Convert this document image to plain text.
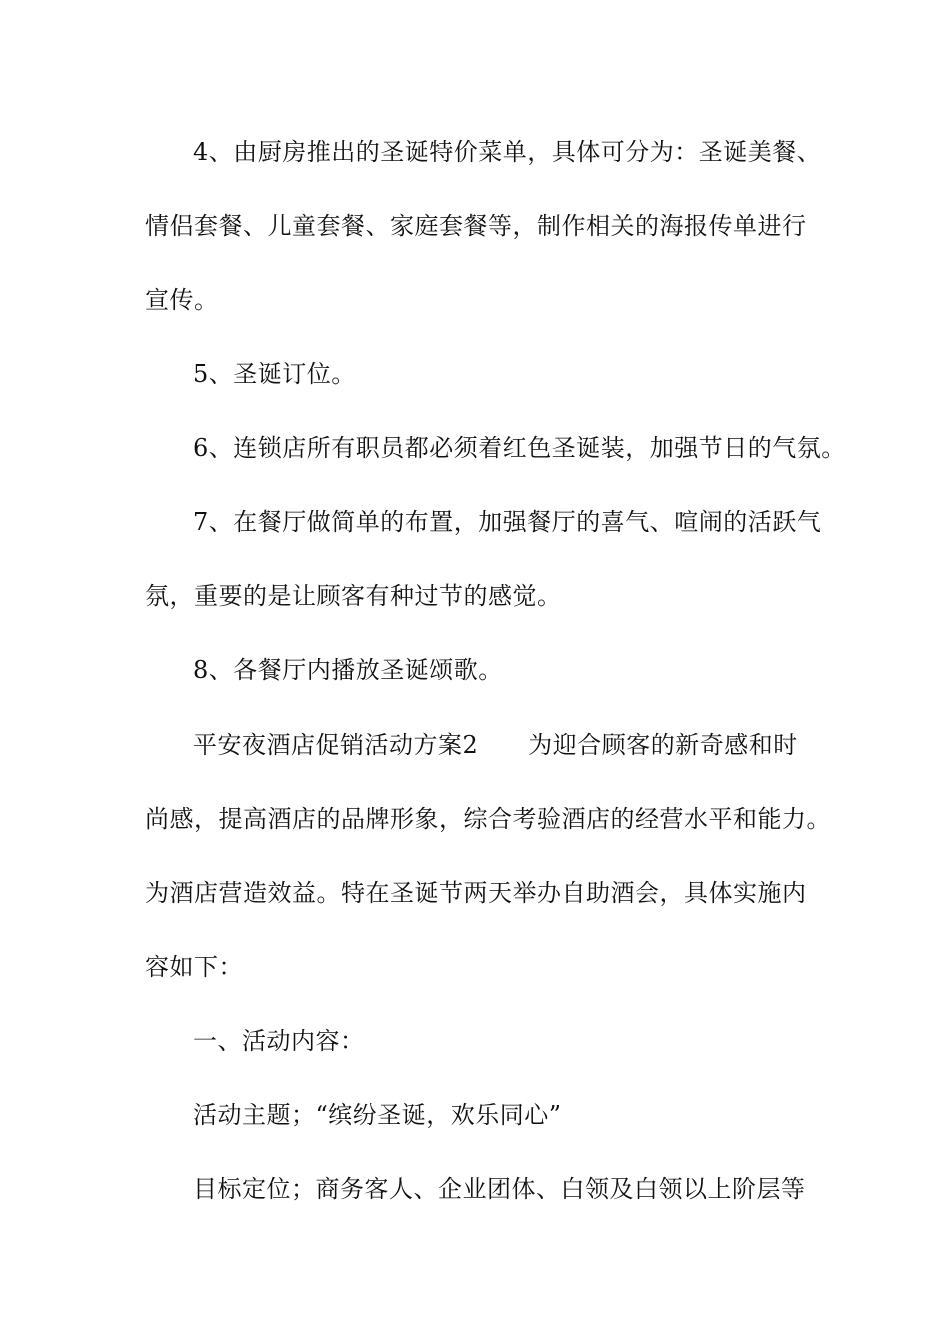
4、由厨房推出的圣诞特价菜单，具体可分为：圣诞美餐、
情侣套餐、儿童套餐、家庭套餐等，制作相关的海报传单进行
宣传。
5、圣诞订位。
6、连锁店所有职员都必须着红色圣诞装，加强节日的气氛。
7、在餐厅做简单的布置，加强餐厅的喜气、喧闹的活跃气
氛，重要的是让顾客有种过节的感觉。
8、各餐厅内播放圣诞颂歌。
平安夜酒店促销活动方案2 为迎合顾客的新奇感和时
尚感，提高酒店的品牌形象，综合考验酒店的经营水平和能力。
为酒店营造效益。特在圣诞节两天举办自助酒会，具体实施内
容如下：
一、活动内容：
活动主题；“缤纷圣诞，欢乐同心”
目标定位；商务客人、企业团体、白领及白领以上阶层等
